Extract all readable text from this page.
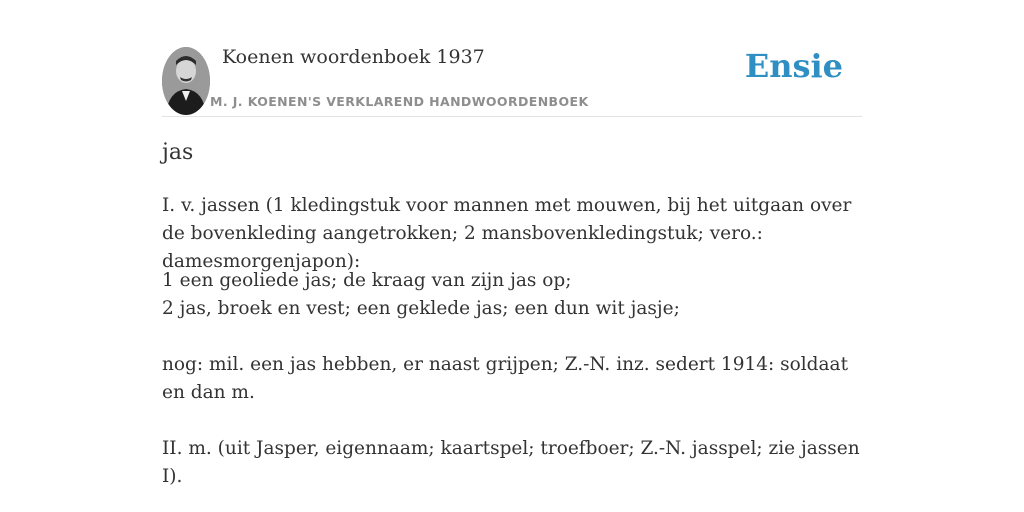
Koenen woordenboek 1937
M. J. KOENEN'S VERKLAREND HANDWOORDENBOEK
Ensie
jas

I. v. jassen (1 kledingstuk voor mannen met mouwen, bij het uitgaan over de bovenkleding aangetrokken; 2 mansbovenkledingstuk; vero.: damesmorgenjapon):

1 een geoliede jas; de kraag van zijn jas op;
2 jas, broek en vest; een geklede jas; een dun wit jasje;

nog: mil. een jas hebben, er naast grijpen; Z.-N. inz. sedert 1914: soldaat en dan m.

II. m. (uit Jasper, eigennaam; kaartspel; troefboer; Z.-N. jasspel; zie jassen I).
